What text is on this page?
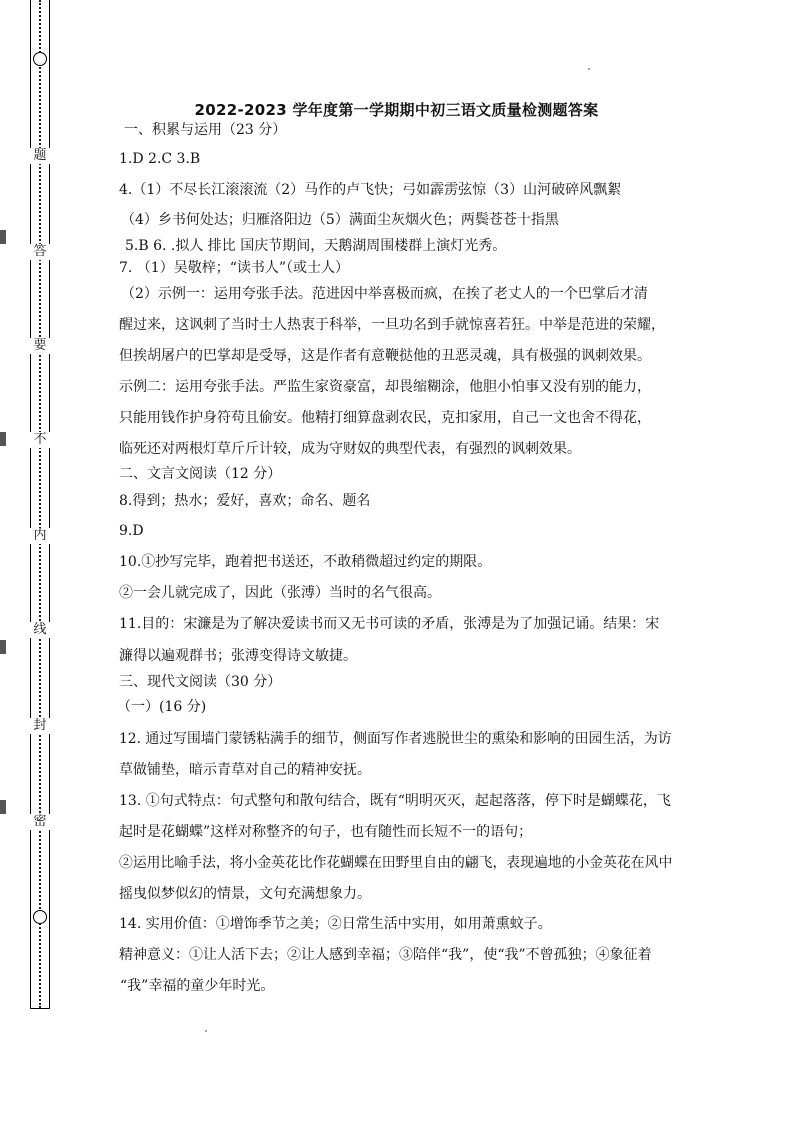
题
答
要
不
内
线
封
密
2022-2023 学年度第一学期期中初三语文质量检测题答案
一、积累与运用（23 分）
1.D 2.C 3.B
4.（1）不尽长江滚滚流（2）马作的卢飞快；弓如霹雳弦惊（3）山河破碎风飘絮
（4）乡书何处达；归雁洛阳边（5）满面尘灰烟火色；两鬓苍苍十指黑
5.B 6. .拟人 排比 国庆节期间，天鹅湖周围楼群上演灯光秀。
7. （1）吴敬梓；“读书人”（或士人）
（2）示例一：运用夸张手法。范进因中举喜极而疯，在挨了老丈人的一个巴掌后才清
醒过来，这讽刺了当时士人热衷于科举，一旦功名到手就惊喜若狂。中举是范进的荣耀，
但挨胡屠户的巴掌却是受辱，这是作者有意鞭挞他的丑恶灵魂，具有极强的讽刺效果。
示例二：运用夸张手法。严监生家资豪富，却畏缩糊涂，他胆小怕事又没有别的能力，
只能用钱作护身符苟且偷安。他精打细算盘剥农民，克扣家用，自己一文也舍不得花，
临死还对两根灯草斤斤计较，成为守财奴的典型代表，有强烈的讽刺效果。
二、文言文阅读（12 分）
8.得到；热水；爱好，喜欢；命名、题名
9.D
10.①抄写完毕，跑着把书送还，不敢稍微超过约定的期限。
②一会儿就完成了，因此（张溥）当时的名气很高。
11.目的：宋濂是为了解决爱读书而又无书可读的矛盾，张溥是为了加强记诵。结果：宋
濂得以遍观群书；张溥变得诗文敏捷。
三、现代文阅读（30 分）
（一）(16 分)
12. 通过写围墙门蒙锈粘满手的细节，侧面写作者逃脱世尘的熏染和影响的田园生活，为访
草做铺垫，暗示青草对自己的精神安抚。
13. ①句式特点：句式整句和散句结合，既有“明明灭灭，起起落落，停下时是蝴蝶花，飞
起时是花蝴蝶”这样对称整齐的句子，也有随性而长短不一的语句；
②运用比喻手法，将小金英花比作花蝴蝶在田野里自由的翩飞，表现遍地的小金英花在风中
摇曳似梦似幻的情景，文句充满想象力。
14. 实用价值：①增饰季节之美；②日常生活中实用，如用萧熏蚊子。
精神意义：①让人活下去；②让人感到幸福；③陪伴“我”，使“我”不曾孤独；④象征着
“我”幸福的童少年时光。
